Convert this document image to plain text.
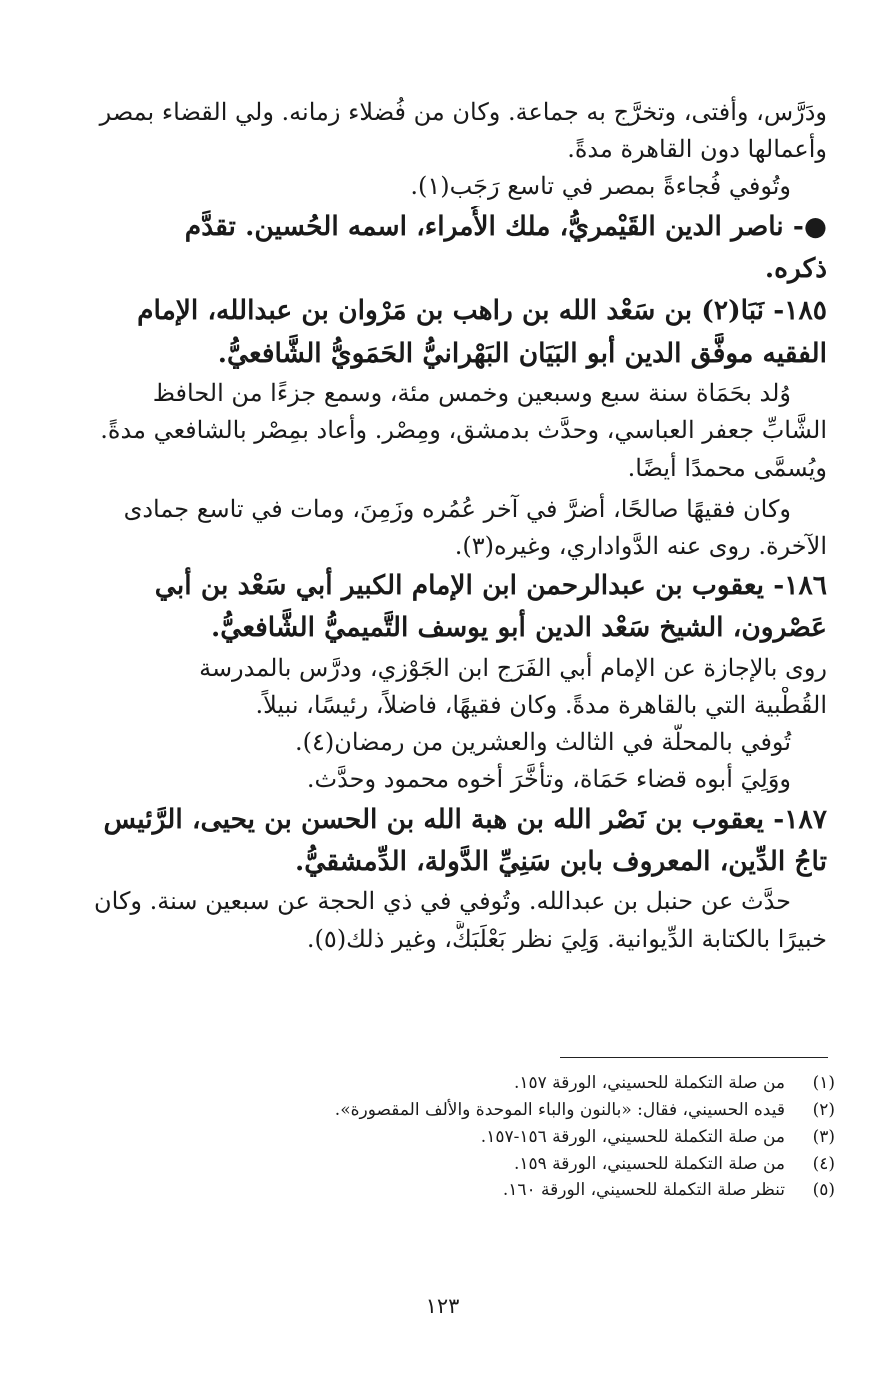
ودَرَّس، وأفتى، وتخرَّج به جماعة. وكان من فُضلاء زمانه. ولي القضاء بمصر

وأعمالها دون القاهرة مدةً.

وتُوفي فُجاءةً بمصر في تاسع رَجَب(١).

●- ناصر الدين القَيْمريُّ، ملك الأُمراء، اسمه الحُسين. تقدَّم

ذكره.

١٨٥- نَبَا(٢) بن سَعْد الله بن راهب بن مَرْوان بن عبدالله، الإمام

الفقيه موفَّق الدين أبو البَيَان البَهْرانيُّ الحَمَويُّ الشَّافعيُّ.

وُلد بحَمَاة سنة سبع وسبعين وخمس مئة، وسمع جزءًا من الحافظ

الشَّابِّ جعفر العباسي، وحدَّث بدمشق، ومِصْر. وأعاد بمِصْر بالشافعي مدةً.

ويُسمَّى محمدًا أيضًا.

وكان فقيهًا صالحًا، أضرَّ في آخر عُمُره وزَمِنَ، ومات في تاسع جمادى

الآخرة. روى عنه الدَّواداري، وغيره(٣).

١٨٦- يعقوب بن عبدالرحمن ابن الإمام الكبير أبي سَعْد بن أبي

عَصْرون، الشيخ سَعْد الدين أبو يوسف التَّميميُّ الشَّافعيُّ.

روى بالإجازة عن الإمام أبي الفَرَج ابن الجَوْزي، ودرَّس بالمدرسة

القُطْبية التي بالقاهرة مدةً. وكان فقيهًا، فاضلاً، رئيسًا، نبيلاً.

تُوفي بالمحلَّة في الثالث والعشرين من رمضان(٤).

ووَلِيَ أبوه قضاء حَمَاة، وتأخَّرَ أخوه محمود وحدَّث.

١٨٧- يعقوب بن نَصْر الله بن هبة الله بن الحسن بن يحيى، الرَّئيس

تاجُ الدِّين، المعروف بابن سَنِيِّ الدَّولة، الدِّمشقيُّ.

حدَّث عن حنبل بن عبدالله. وتُوفي في ذي الحجة عن سبعين سنة. وكان

خبيرًا بالكتابة الدِّيوانية. وَلِيَ نظر بَعْلَبَكَّ، وغير ذلك(٥).

(١)
من صلة التكملة للحسيني، الورقة ١٥٧.
(٢)
قيده الحسيني، فقال: «بالنون والباء الموحدة والألف المقصورة».
(٣)
من صلة التكملة للحسيني، الورقة ١٥٦-١٥٧.
(٤)
من صلة التكملة للحسيني، الورقة ١٥٩.
(٥)
تنظر صلة التكملة للحسيني، الورقة ١٦٠.
١٢٣
